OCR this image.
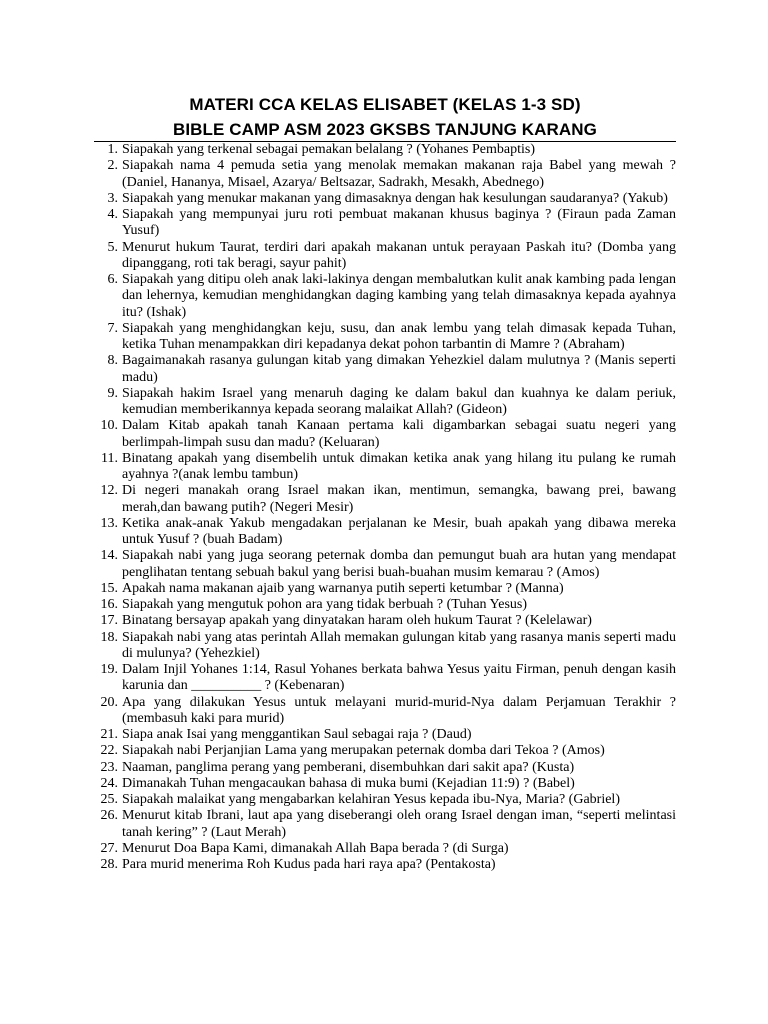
MATERI CCA KELAS ELISABET (KELAS 1-3 SD)
BIBLE CAMP ASM 2023 GKSBS TANJUNG KARANG
1. Siapakah yang terkenal sebagai pemakan belalang ? (Yohanes Pembaptis)
2. Siapakah nama 4 pemuda setia yang menolak memakan makanan raja Babel yang mewah ? (Daniel, Hananya, Misael, Azarya/ Beltsazar, Sadrakh, Mesakh, Abednego)
3. Siapakah yang menukar makanan yang dimasaknya dengan hak kesulungan saudaranya? (Yakub)
4. Siapakah yang mempunyai juru roti pembuat makanan khusus baginya ? (Firaun pada Zaman Yusuf)
5. Menurut hukum Taurat, terdiri dari apakah makanan untuk perayaan Paskah itu? (Domba yang dipanggang, roti tak beragi, sayur pahit)
6. Siapakah yang ditipu oleh anak laki-lakinya dengan membalutkan kulit anak kambing pada lengan dan lehernya, kemudian menghidangkan daging kambing yang telah dimasaknya kepada ayahnya itu? (Ishak)
7. Siapakah yang menghidangkan keju, susu, dan anak lembu yang telah dimasak kepada Tuhan, ketika Tuhan menampakkan diri kepadanya dekat pohon tarbantin di Mamre ? (Abraham)
8. Bagaimanakah rasanya gulungan kitab yang dimakan Yehezkiel dalam mulutnya ? (Manis seperti madu)
9. Siapakah hakim Israel yang menaruh daging ke dalam bakul dan kuahnya ke dalam periuk, kemudian memberikannya kepada seorang malaikat Allah? (Gideon)
10. Dalam Kitab apakah tanah Kanaan pertama kali digambarkan sebagai suatu negeri yang berlimpah-limpah susu dan madu? (Keluaran)
11. Binatang apakah yang disembelih untuk dimakan ketika anak yang hilang itu pulang ke rumah ayahnya ?(anak lembu tambun)
12. Di negeri manakah orang Israel makan ikan, mentimun, semangka, bawang prei, bawang merah,dan bawang putih? (Negeri Mesir)
13. Ketika anak-anak Yakub mengadakan perjalanan ke Mesir, buah apakah yang dibawa mereka untuk Yusuf ? (buah Badam)
14. Siapakah nabi yang juga seorang peternak domba dan pemungut buah ara hutan yang mendapat penglihatan tentang sebuah bakul yang berisi buah-buahan musim kemarau ? (Amos)
15. Apakah nama makanan ajaib yang warnanya putih seperti ketumbar ? (Manna)
16. Siapakah yang mengutuk pohon ara yang tidak berbuah ? (Tuhan Yesus)
17. Binatang bersayap apakah yang dinyatakan haram oleh hukum Taurat ? (Kelelawar)
18. Siapakah nabi yang atas perintah Allah memakan gulungan kitab yang rasanya manis seperti madu di mulunya? (Yehezkiel)
19. Dalam Injil Yohanes 1:14, Rasul Yohanes berkata bahwa Yesus yaitu Firman, penuh dengan kasih karunia dan __________ ? (Kebenaran)
20. Apa yang dilakukan Yesus untuk melayani murid-murid-Nya dalam Perjamuan Terakhir ? (membasuh kaki para murid)
21. Siapa anak Isai yang menggantikan Saul sebagai raja ? (Daud)
22. Siapakah nabi Perjanjian Lama yang merupakan peternak domba dari Tekoa ? (Amos)
23. Naaman, panglima perang yang pemberani, disembuhkan dari sakit apa? (Kusta)
24. Dimanakah Tuhan mengacaukan bahasa di muka bumi (Kejadian 11:9) ? (Babel)
25. Siapakah malaikat yang mengabarkan kelahiran Yesus kepada ibu-Nya, Maria? (Gabriel)
26. Menurut kitab Ibrani, laut apa yang diseberangi oleh orang Israel dengan iman, “seperti melintasi tanah kering” ? (Laut Merah)
27. Menurut Doa Bapa Kami, dimanakah Allah Bapa berada ? (di Surga)
28. Para murid menerima Roh Kudus pada hari raya apa? (Pentakosta)
